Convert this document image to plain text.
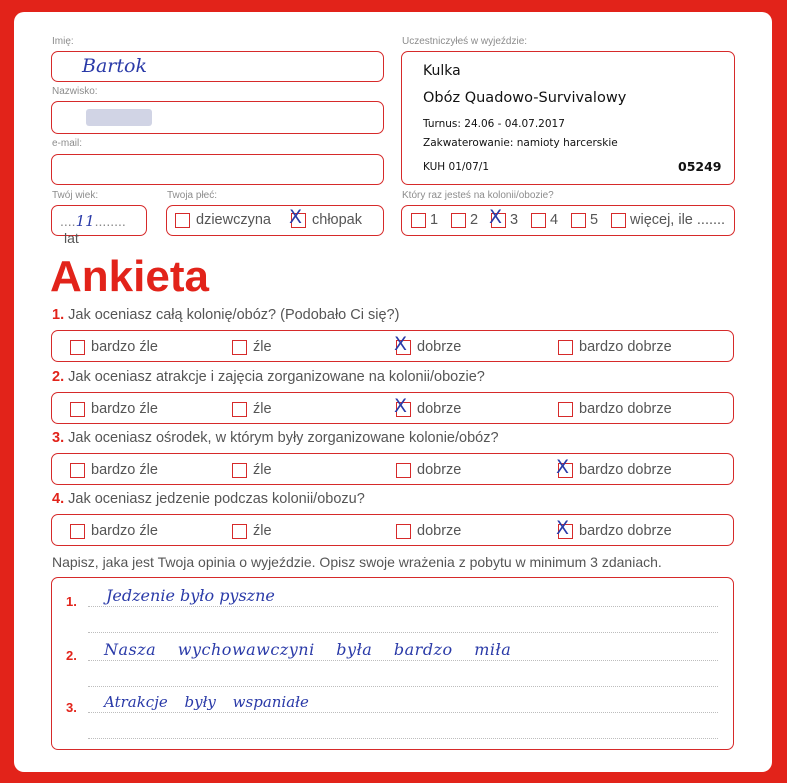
Imię:
Bartok
Nazwisko:
e-mail:
Twój wiek:
....11........ lat
Twoja płeć:
dziewczyna X chłopak
Uczestniczyłeś w wyjeździe:
Kulka
Obóz Quadowo-Survivalowy
Turnus: 24.06 - 04.07.2017
Zakwaterowanie: namioty harcerskie
KUH 01/07/1	05249
Który raz jesteś na kolonii/obozie?
1	2 X 3	4	5	więcej, ile .......
Ankieta
1. Jak oceniasz całą kolonię/obóz? (Podobało Ci się?)
bardzo źle	źle	X dobrze	bardzo dobrze
2. Jak oceniasz atrakcje i zajęcia zorganizowane na kolonii/obozie?
bardzo źle	źle	X dobrze	bardzo dobrze
3. Jak oceniasz ośrodek, w którym były zorganizowane kolonie/obóz?
bardzo źle	źle	dobrze	X bardzo dobrze
4. Jak oceniasz jedzenie podczas kolonii/obozu?
bardzo źle	źle	dobrze	X bardzo dobrze
Napisz, jaka jest Twoja opinia o wyjeździe. Opisz swoje wrażenia z pobytu w minimum 3 zdaniach.
1. Jedzenie było pyszne
2. Nasza wychowawczyni była bardzo miła
3. Atrakcje były wspaniałe
